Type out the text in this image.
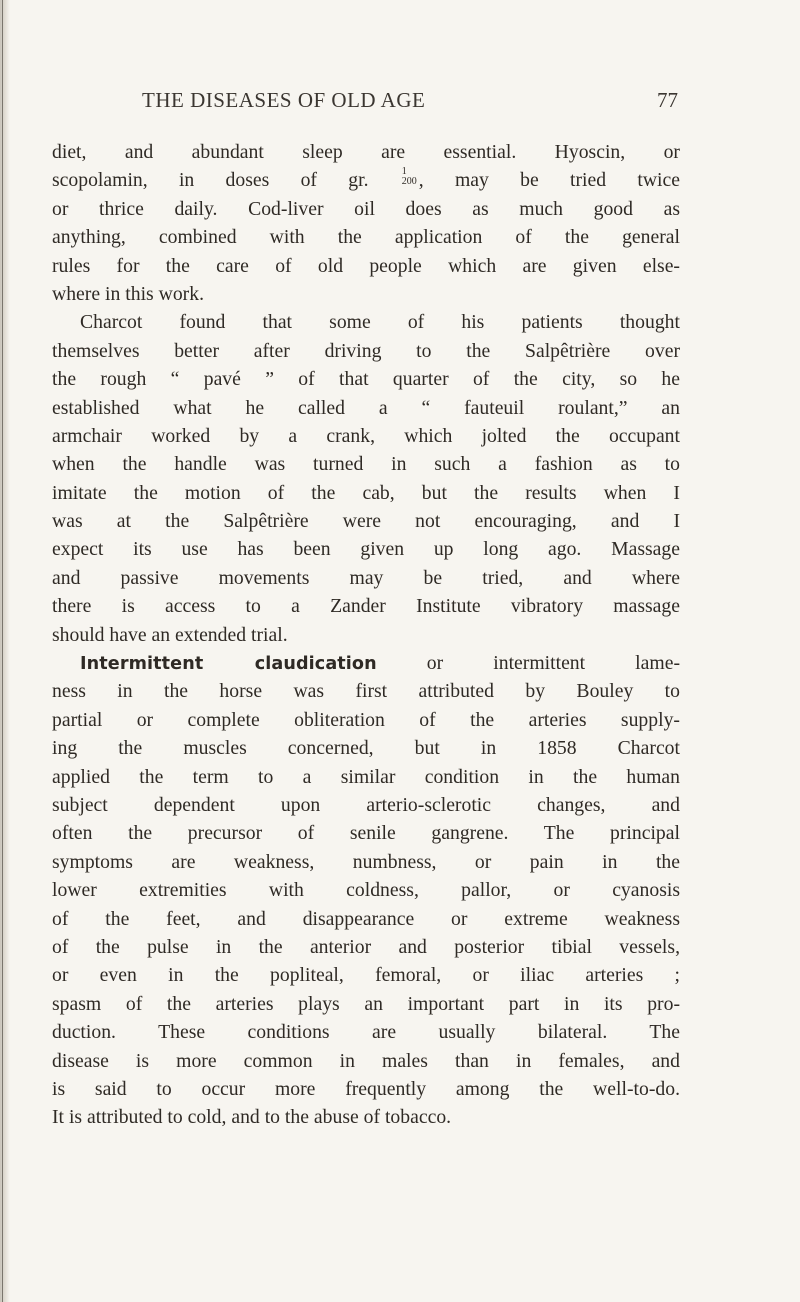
THE DISEASES OF OLD AGE	77
diet, and abundant sleep are essential. Hyoscin, or
scopolamin, in doses of gr. 1
200 , may be tried twice
or thrice daily. Cod-liver oil does as much good as
anything, combined with the application of the general
rules for the care of old people which are given else-
where in this work.
Charcot found that some of his patients thought
themselves better after driving to the Salpêtrière over
the rough “ pavé ” of that quarter of the city, so he
established what he called a “ fauteuil roulant,” an
armchair worked by a crank, which jolted the occupant
when the handle was turned in such a fashion as to
imitate the motion of the cab, but the results when I
was at the Salpêtrière were not encouraging, and I
expect its use has been given up long ago. Massage
and passive movements may be tried, and where
there is access to a Zander Institute vibratory massage
should have an extended trial.
Intermittent claudication or intermittent lame-
ness in the horse was first attributed by Bouley to
partial or complete obliteration of the arteries supply-
ing the muscles concerned, but in 1858 Charcot
applied the term to a similar condition in the human
subject dependent upon arterio-sclerotic changes, and
often the precursor of senile gangrene. The principal
symptoms are weakness, numbness, or pain in the
lower extremities with coldness, pallor, or cyanosis
of the feet, and disappearance or extreme weakness
of the pulse in the anterior and posterior tibial vessels,
or even in the popliteal, femoral, or iliac arteries ;
spasm of the arteries plays an important part in its pro-
duction. These conditions are usually bilateral. The
disease is more common in males than in females, and
is said to occur more frequently among the well-to-do.
It is attributed to cold, and to the abuse of tobacco.
